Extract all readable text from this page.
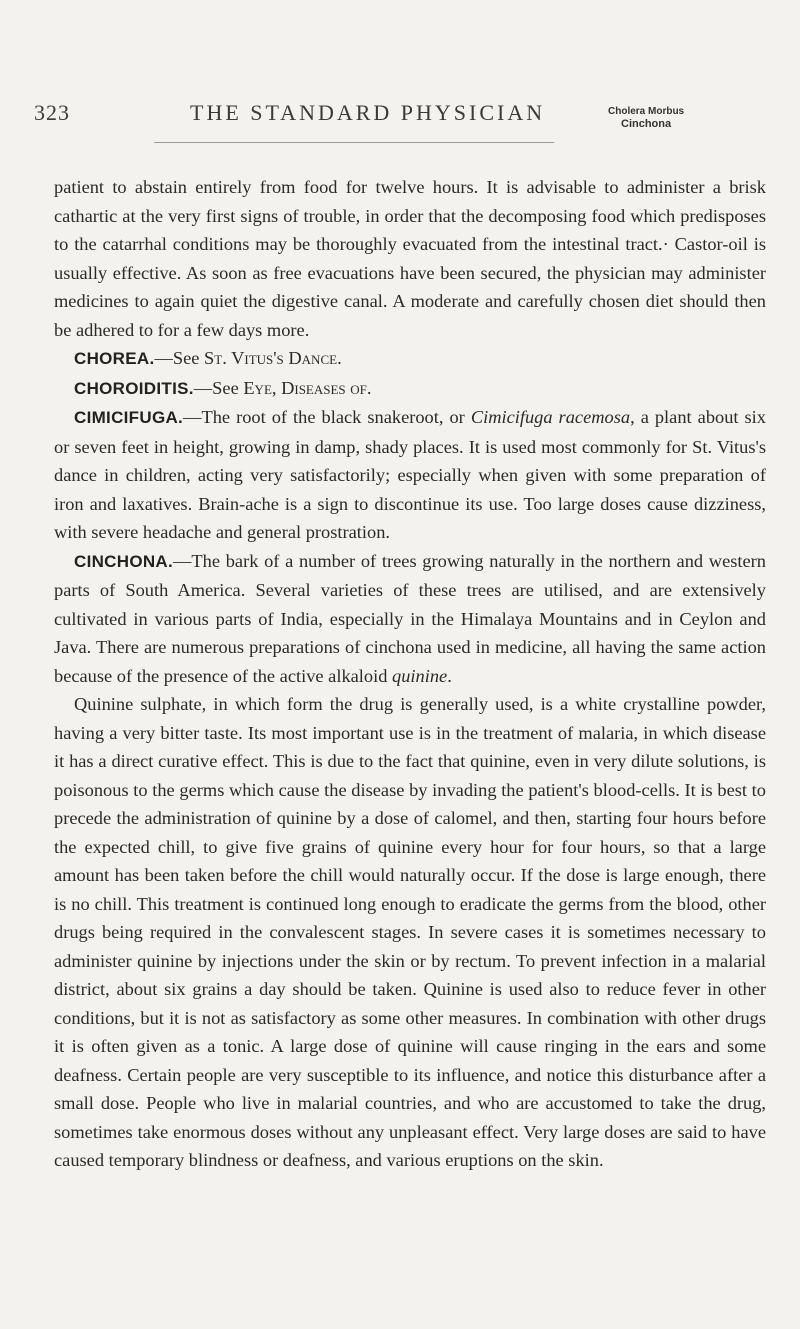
323	THE STANDARD PHYSICIAN	Cholera Morbus
Cinchona

patient to abstain entirely from food for twelve hours. It is advisable to administer a brisk cathartic at the very first signs of trouble, in order that the decomposing food which predisposes to the catarrhal conditions may be thoroughly evacuated from the intestinal tract.· Castor-oil is usually effective. As soon as free evacuations have been secured, the physician may administer medicines to again quiet the digestive canal. A moderate and carefully chosen diet should then be adhered to for a few days more.

CHOREA.—See St. Vitus's Dance.

CHOROIDITIS.—See Eye, Diseases of.

CIMICIFUGA.—The root of the black snakeroot, or Cimicifuga racemosa, a plant about six or seven feet in height, growing in damp, shady places. It is used most commonly for St. Vitus's dance in children, acting very satisfactorily; especially when given with some preparation of iron and laxatives. Brain-ache is a sign to discontinue its use. Too large doses cause dizziness, with severe headache and general prostration.

CINCHONA.—The bark of a number of trees growing naturally in the northern and western parts of South America. Several varieties of these trees are utilised, and are extensively cultivated in various parts of India, especially in the Himalaya Mountains and in Ceylon and Java. There are numerous preparations of cinchona used in medicine, all having the same action because of the presence of the active alkaloid quinine.

Quinine sulphate, in which form the drug is generally used, is a white crystalline powder, having a very bitter taste. Its most important use is in the treatment of malaria, in which disease it has a direct curative effect. This is due to the fact that quinine, even in very dilute solutions, is poisonous to the germs which cause the disease by invading the patient's blood-cells. It is best to precede the administration of quinine by a dose of calomel, and then, starting four hours before the expected chill, to give five grains of quinine every hour for four hours, so that a large amount has been taken before the chill would naturally occur. If the dose is large enough, there is no chill. This treatment is continued long enough to eradicate the germs from the blood, other drugs being required in the convalescent stages. In severe cases it is sometimes necessary to administer quinine by injections under the skin or by rectum. To prevent infection in a malarial district, about six grains a day should be taken. Quinine is used also to reduce fever in other conditions, but it is not as satisfactory as some other measures. In combination with other drugs it is often given as a tonic. A large dose of quinine will cause ringing in the ears and some deafness. Certain people are very susceptible to its influence, and notice this disturbance after a small dose. People who live in malarial countries, and who are accustomed to take the drug, sometimes take enormous doses without any unpleasant effect. Very large doses are said to have caused temporary blindness or deafness, and various eruptions on the skin.
